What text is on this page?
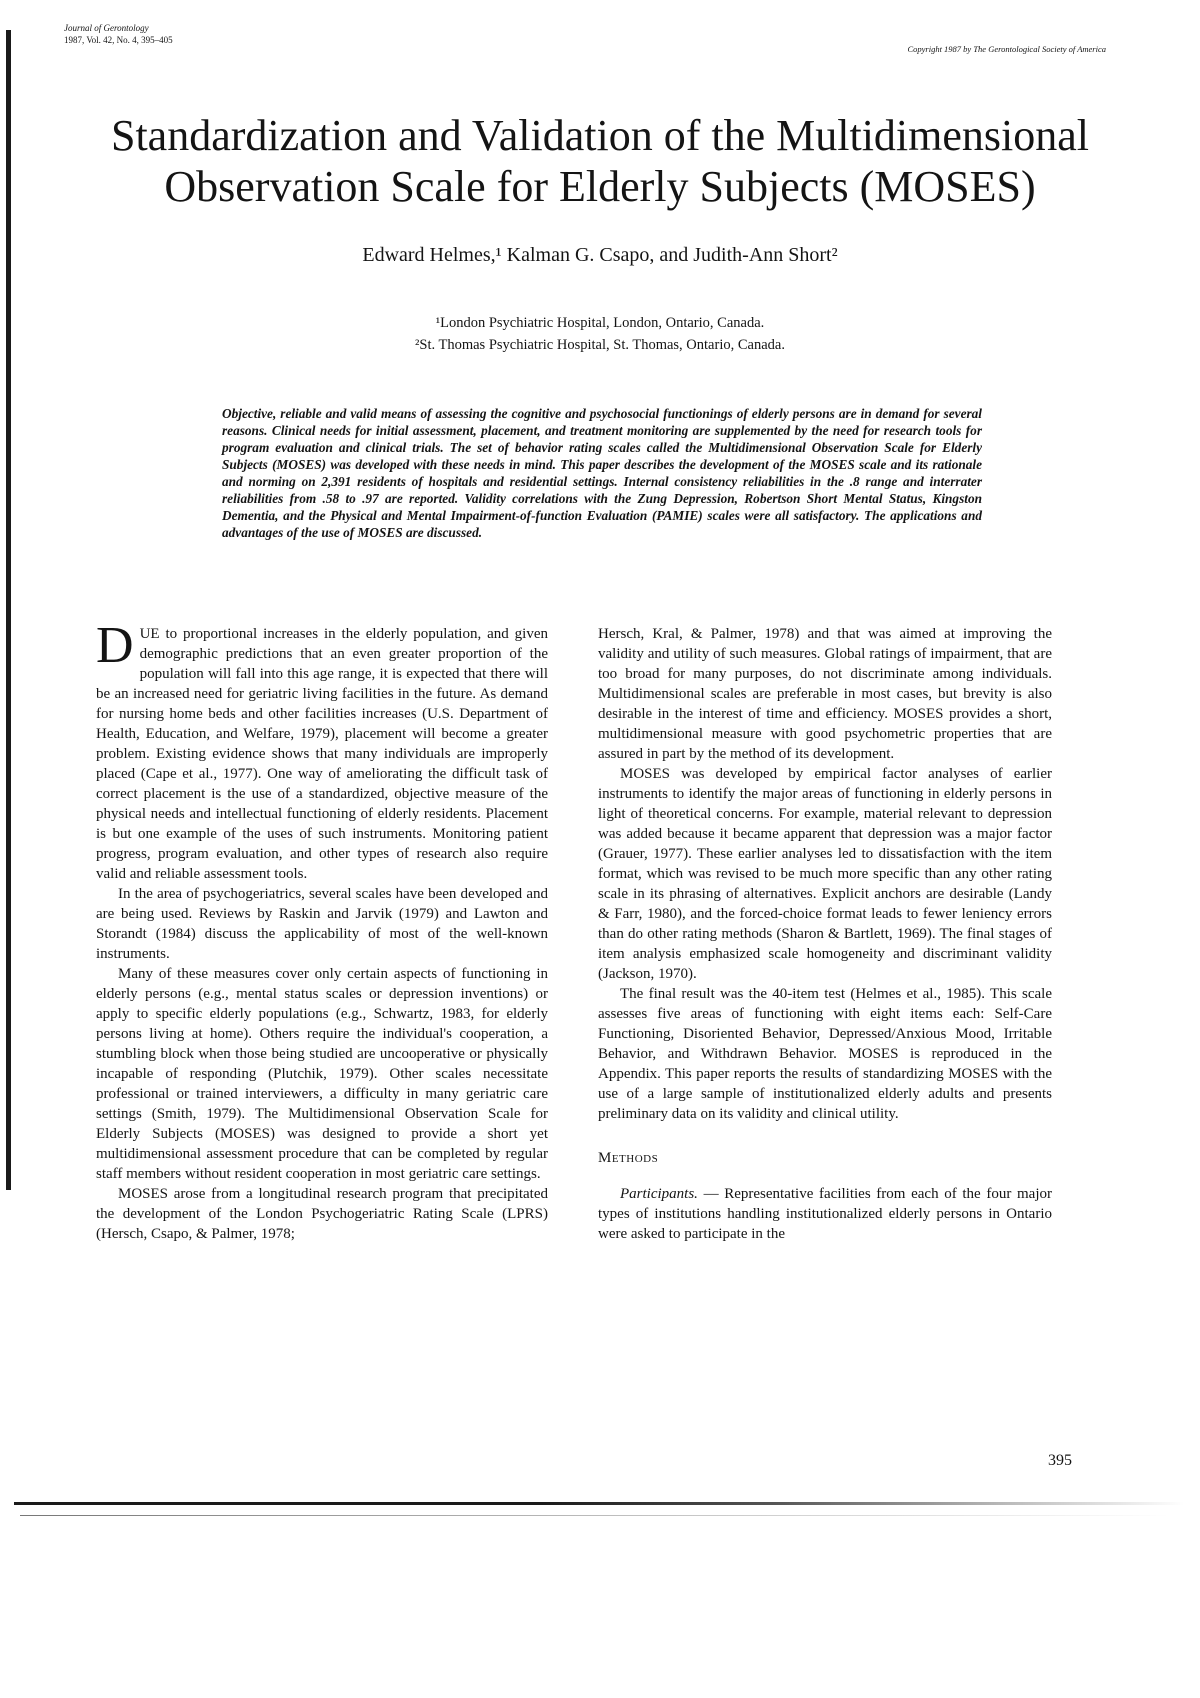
Journal of Gerontology
1987, Vol. 42, No. 4, 395–405
Copyright 1987 by The Gerontological Society of America
Standardization and Validation of the Multidimensional
Observation Scale for Elderly Subjects (MOSES)
Edward Helmes,¹ Kalman G. Csapo, and Judith-Ann Short²
¹London Psychiatric Hospital, London, Ontario, Canada.
²St. Thomas Psychiatric Hospital, St. Thomas, Ontario, Canada.

Objective, reliable and valid means of assessing the cognitive and psychosocial functionings of elderly persons are in demand for several reasons. Clinical needs for initial assessment, placement, and treatment monitoring are supplemented by the need for research tools for program evaluation and clinical trials. The set of behavior rating scales called the Multidimensional Observation Scale for Elderly Subjects (MOSES) was developed with these needs in mind. This paper describes the development of the MOSES scale and its rationale and norming on 2,391 residents of hospitals and residential settings. Internal consistency reliabilities in the .8 range and interrater reliabilities from .58 to .97 are reported. Validity correlations with the Zung Depression, Robertson Short Mental Status, Kingston Dementia, and the Physical and Mental Impairment-of-function Evaluation (PAMIE) scales were all satisfactory. The applications and advantages of the use of MOSES are discussed.

DUE to proportional increases in the elderly population, and given demographic predictions that an even greater proportion of the population will fall into this age range, it is expected that there will be an increased need for geriatric living facilities in the future. As demand for nursing home beds and other facilities increases (U.S. Department of Health, Education, and Welfare, 1979), placement will become a greater problem. Existing evidence shows that many individuals are improperly placed (Cape et al., 1977). One way of ameliorating the difficult task of correct placement is the use of a standardized, objective measure of the physical needs and intellectual functioning of elderly residents. Placement is but one example of the uses of such instruments. Monitoring patient progress, program evaluation, and other types of research also require valid and reliable assessment tools.

In the area of psychogeriatrics, several scales have been developed and are being used. Reviews by Raskin and Jarvik (1979) and Lawton and Storandt (1984) discuss the applicability of most of the well-known instruments.

Many of these measures cover only certain aspects of functioning in elderly persons (e.g., mental status scales or depression inventions) or apply to specific elderly populations (e.g., Schwartz, 1983, for elderly persons living at home). Others require the individual's cooperation, a stumbling block when those being studied are uncooperative or physically incapable of responding (Plutchik, 1979). Other scales necessitate professional or trained interviewers, a difficulty in many geriatric care settings (Smith, 1979). The Multidimensional Observation Scale for Elderly Subjects (MOSES) was designed to provide a short yet multidimensional assessment procedure that can be completed by regular staff members without resident cooperation in most geriatric care settings.

MOSES arose from a longitudinal research program that precipitated the development of the London Psychogeriatric Rating Scale (LPRS) (Hersch, Csapo, & Palmer, 1978;

Hersch, Kral, & Palmer, 1978) and that was aimed at improving the validity and utility of such measures. Global ratings of impairment, that are too broad for many purposes, do not discriminate among individuals. Multidimensional scales are preferable in most cases, but brevity is also desirable in the interest of time and efficiency. MOSES provides a short, multidimensional measure with good psychometric properties that are assured in part by the method of its development.

MOSES was developed by empirical factor analyses of earlier instruments to identify the major areas of functioning in elderly persons in light of theoretical concerns. For example, material relevant to depression was added because it became apparent that depression was a major factor (Grauer, 1977). These earlier analyses led to dissatisfaction with the item format, which was revised to be much more specific than any other rating scale in its phrasing of alternatives. Explicit anchors are desirable (Landy & Farr, 1980), and the forced-choice format leads to fewer leniency errors than do other rating methods (Sharon & Bartlett, 1969). The final stages of item analysis emphasized scale homogeneity and discriminant validity (Jackson, 1970).

The final result was the 40-item test (Helmes et al., 1985). This scale assesses five areas of functioning with eight items each: Self-Care Functioning, Disoriented Behavior, Depressed/Anxious Mood, Irritable Behavior, and Withdrawn Behavior. MOSES is reproduced in the Appendix. This paper reports the results of standardizing MOSES with the use of a large sample of institutionalized elderly adults and presents preliminary data on its validity and clinical utility.

Methods

Participants. — Representative facilities from each of the four major types of institutions handling institutionalized elderly persons in Ontario were asked to participate in the

395
